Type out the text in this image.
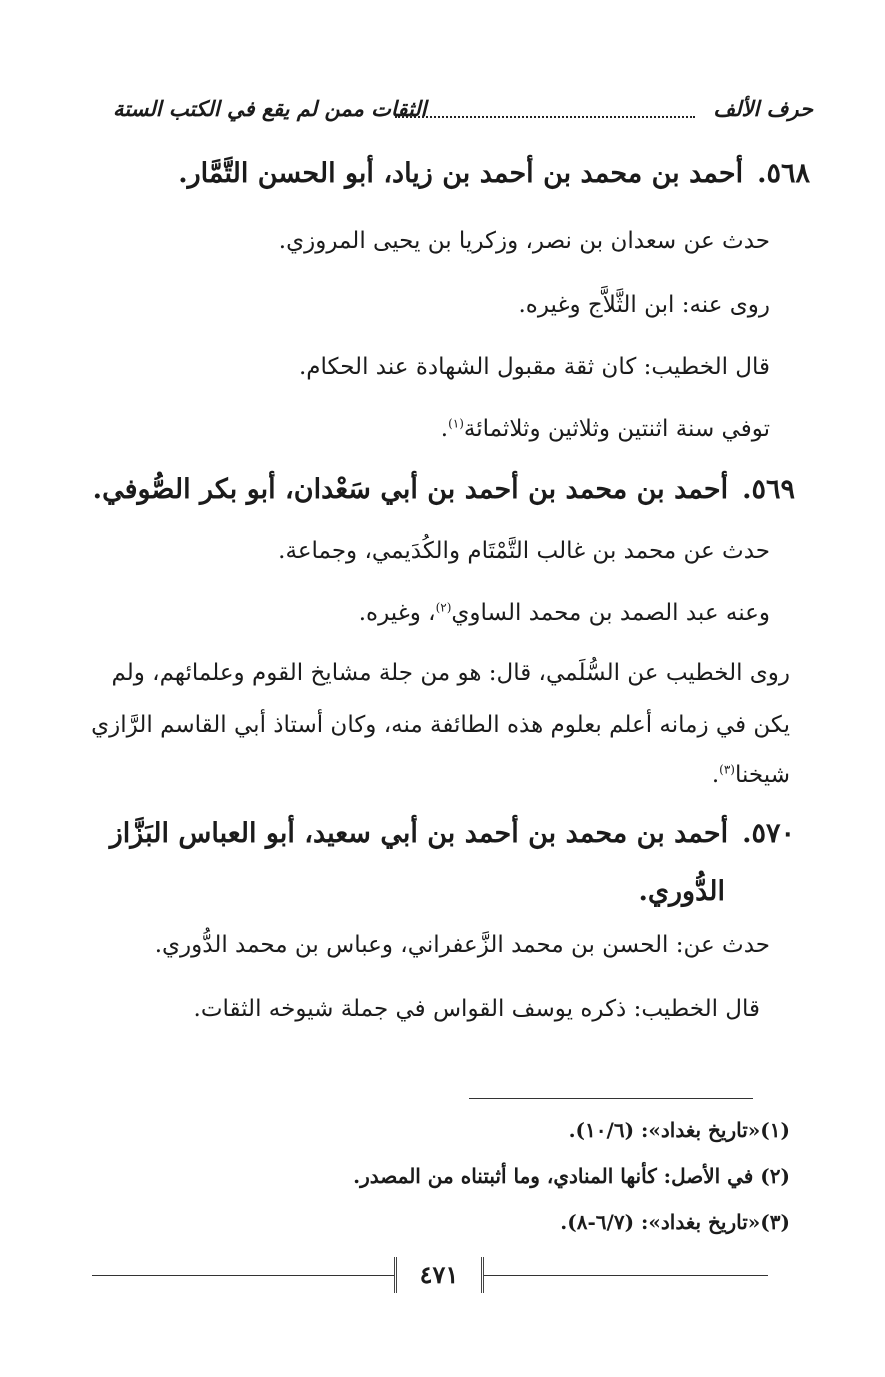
حرف الألف
الثقات ممن لم يقع في الكتب الستة
٥٦٨.أحمد بن محمد بن أحمد بن زياد، أبو الحسن التَّمَّار.
حدث عن سعدان بن نصر، وزكريا بن يحيى المروزي.
روى عنه: ابن الثَّلاَّج وغيره.
قال الخطيب: كان ثقة مقبول الشهادة عند الحكام.
توفي سنة اثنتين وثلاثين وثلاثمائة$^{(١)}$.
٥٦٩.أحمد بن محمد بن أحمد بن أبي سَعْدان، أبو بكر الصُّوفي.
حدث عن محمد بن غالب التَّمْتَام والكُدَيمي، وجماعة.
وعنه عبد الصمد بن محمد الساوي$^{(٢)}$، وغيره.
روى الخطيب عن السُّلَمي، قال: هو من جلة مشايخ القوم وعلمائهم، ولم
يكن في زمانه أعلم بعلوم هذه الطائفة منه، وكان أستاذ أبي القاسم الرَّازي
شيخنا$^{(٣)}$.
٥٧٠.أحمد بن محمد بن أحمد بن أبي سعيد، أبو العباس البَزَّاز
الدُّوري.
حدث عن: الحسن بن محمد الزَّعفراني، وعباس بن محمد الدُّوري.
قال الخطيب: ذكره يوسف القواس في جملة شيوخه الثقات.
(١)«تاريخ بغداد»: (١٠/٦).
(٢) في الأصل: كأنها المنادي، وما أثبتناه من المصدر.
(٣)«تاريخ بغداد»: (٦/٧-٨).
٤٧١
